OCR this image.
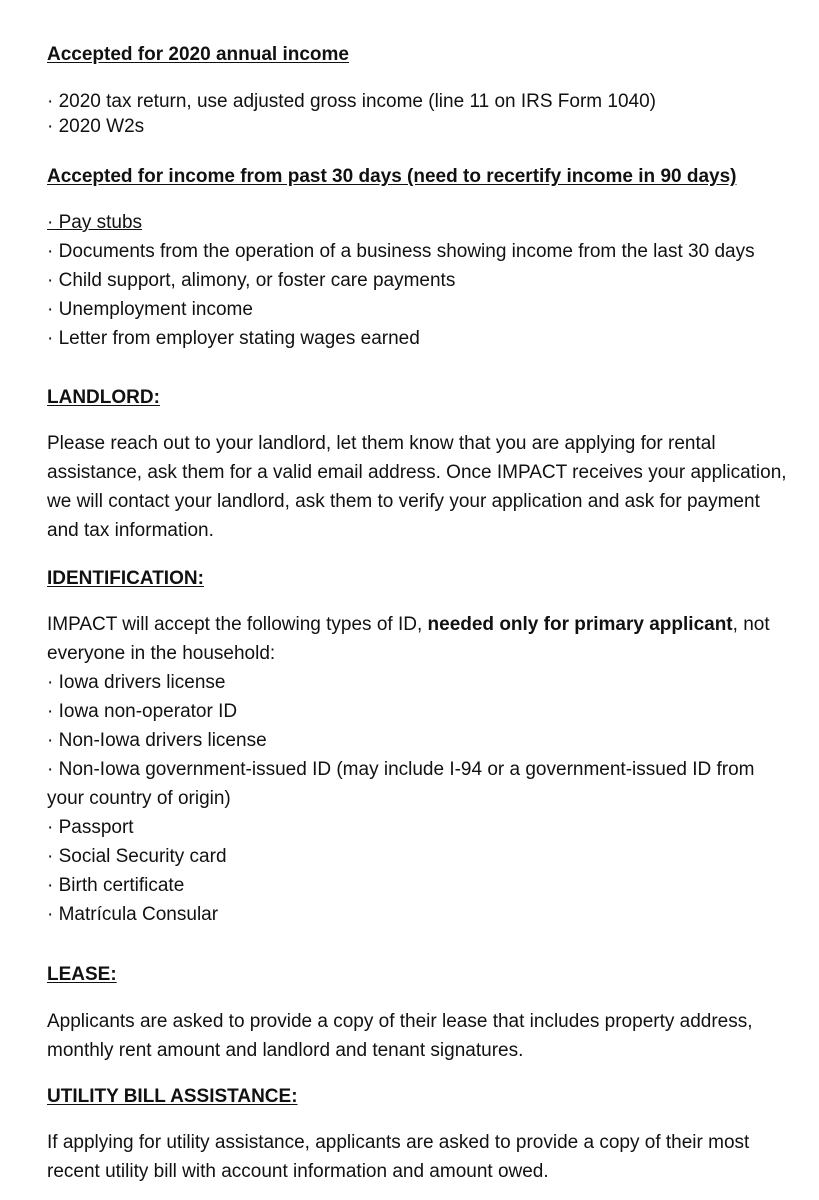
Accepted for 2020 annual income
· 2020 tax return, use adjusted gross income (line 11 on IRS Form 1040)
· 2020 W2s
Accepted for income from past 30 days (need to recertify income in 90 days)
· Pay stubs
· Documents from the operation of a business showing income from the last 30 days
· Child support, alimony, or foster care payments
· Unemployment income
· Letter from employer stating wages earned
LANDLORD:
Please reach out to your landlord, let them know that you are applying for rental
assistance, ask them for a valid email address. Once IMPACT receives your application,
we will contact your landlord, ask them to verify your application and ask for payment
and tax information.
IDENTIFICATION:
IMPACT will accept the following types of ID, needed only for primary applicant, not
everyone in the household:
· Iowa drivers license
· Iowa non-operator ID
· Non-Iowa drivers license
· Non-Iowa government-issued ID (may include I-94 or a government-issued ID from
your country of origin)
· Passport
· Social Security card
· Birth certificate
· Matrícula Consular
LEASE:
Applicants are asked to provide a copy of their lease that includes property address,
monthly rent amount and landlord and tenant signatures.
UTILITY BILL ASSISTANCE:
If applying for utility assistance, applicants are asked to provide a copy of their most
recent utility bill with account information and amount owed.
